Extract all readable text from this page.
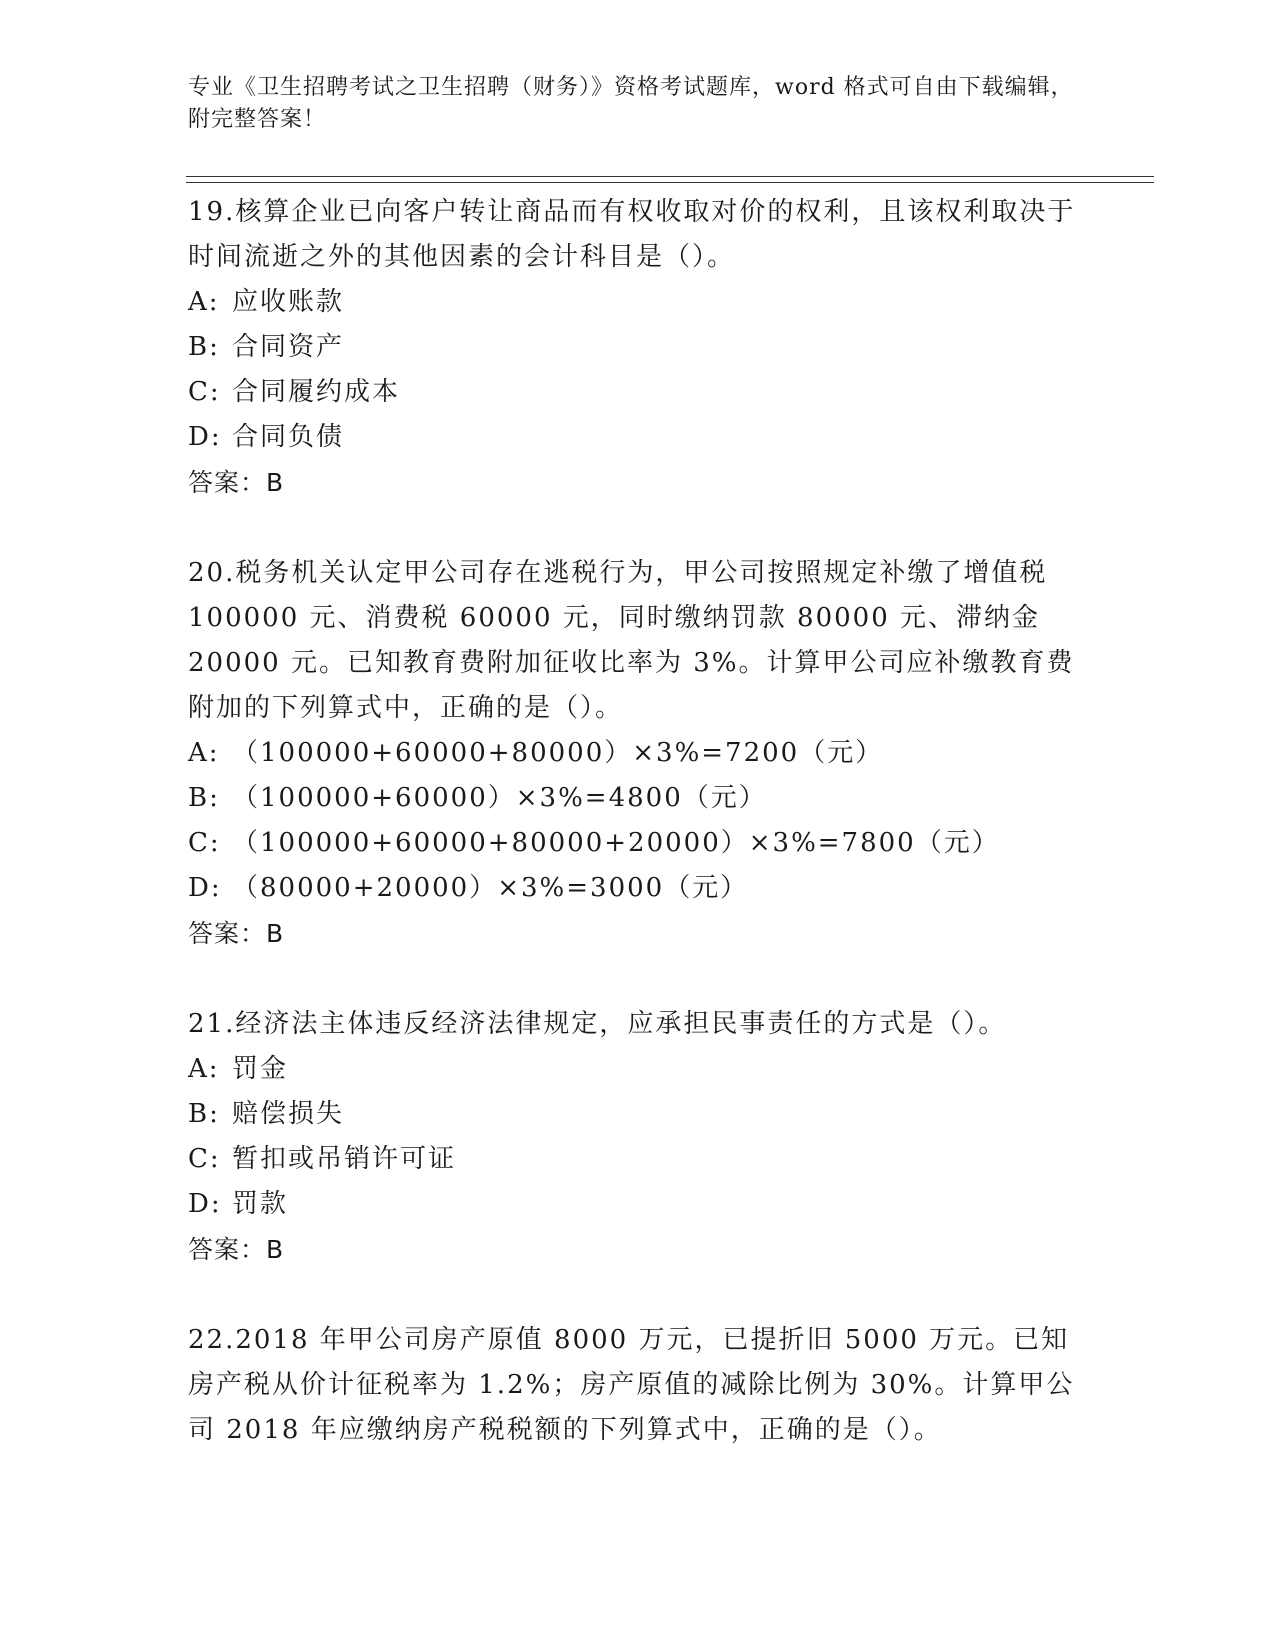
专业《卫生招聘考试之卫生招聘（财务）》资格考试题库，word 格式可自由下载编辑，附完整答案！
19.核算企业已向客户转让商品而有权收取对价的权利，且该权利取决于时间流逝之外的其他因素的会计科目是（）。
A: 应收账款
B: 合同资产
C: 合同履约成本
D: 合同负债
答案：B
20.税务机关认定甲公司存在逃税行为，甲公司按照规定补缴了增值税 100000 元、消费税 60000 元，同时缴纳罚款 80000 元、滞纳金 20000 元。已知教育费附加征收比率为 3%。计算甲公司应补缴教育费附加的下列算式中，正确的是（）。
A: （100000+60000+80000）×3%=7200（元）
B: （100000+60000）×3%=4800（元）
C: （100000+60000+80000+20000）×3%=7800（元）
D: （80000+20000）×3%=3000（元）
答案：B
21.经济法主体违反经济法律规定，应承担民事责任的方式是（）。
A: 罚金
B: 赔偿损失
C: 暂扣或吊销许可证
D: 罚款
答案：B
22.2018 年甲公司房产原值 8000 万元，已提折旧 5000 万元。已知房产税从价计征税率为 1.2%；房产原值的减除比例为 30%。计算甲公司 2018 年应缴纳房产税税额的下列算式中，正确的是（）。
